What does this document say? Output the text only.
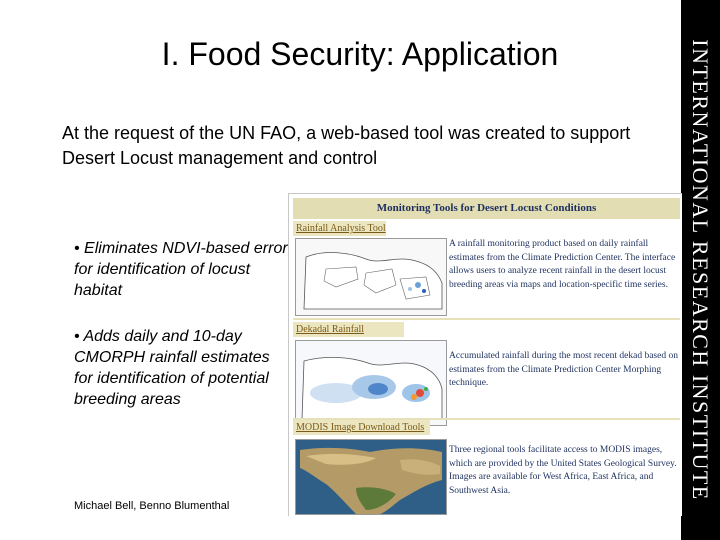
INTERNATIONAL RESEARCH INSTITUTE
I. Food Security: Application
At the request of the UN FAO, a web-based tool was created to support Desert Locust management and control
• Eliminates NDVI-based error for identification of locust habitat
• Adds daily and 10-day CMORPH rainfall estimates for identification of potential breeding areas
Michael Bell, Benno Blumenthal
Monitoring Tools for Desert Locust Conditions
Rainfall Analysis Tool
A rainfall monitoring product based on daily rainfall estimates from the Climate Prediction Center. The interface allows users to analyze recent rainfall in the desert locust breeding areas via maps and location-specific time series.
Dekadal Rainfall
Accumulated rainfall during the most recent dekad based on estimates from the Climate Prediction Center Morphing technique.
MODIS Image Download Tools
Three regional tools facilitate access to MODIS images, which are provided by the United States Geological Survey. Images are available for West Africa, East Africa, and Southwest Asia.
